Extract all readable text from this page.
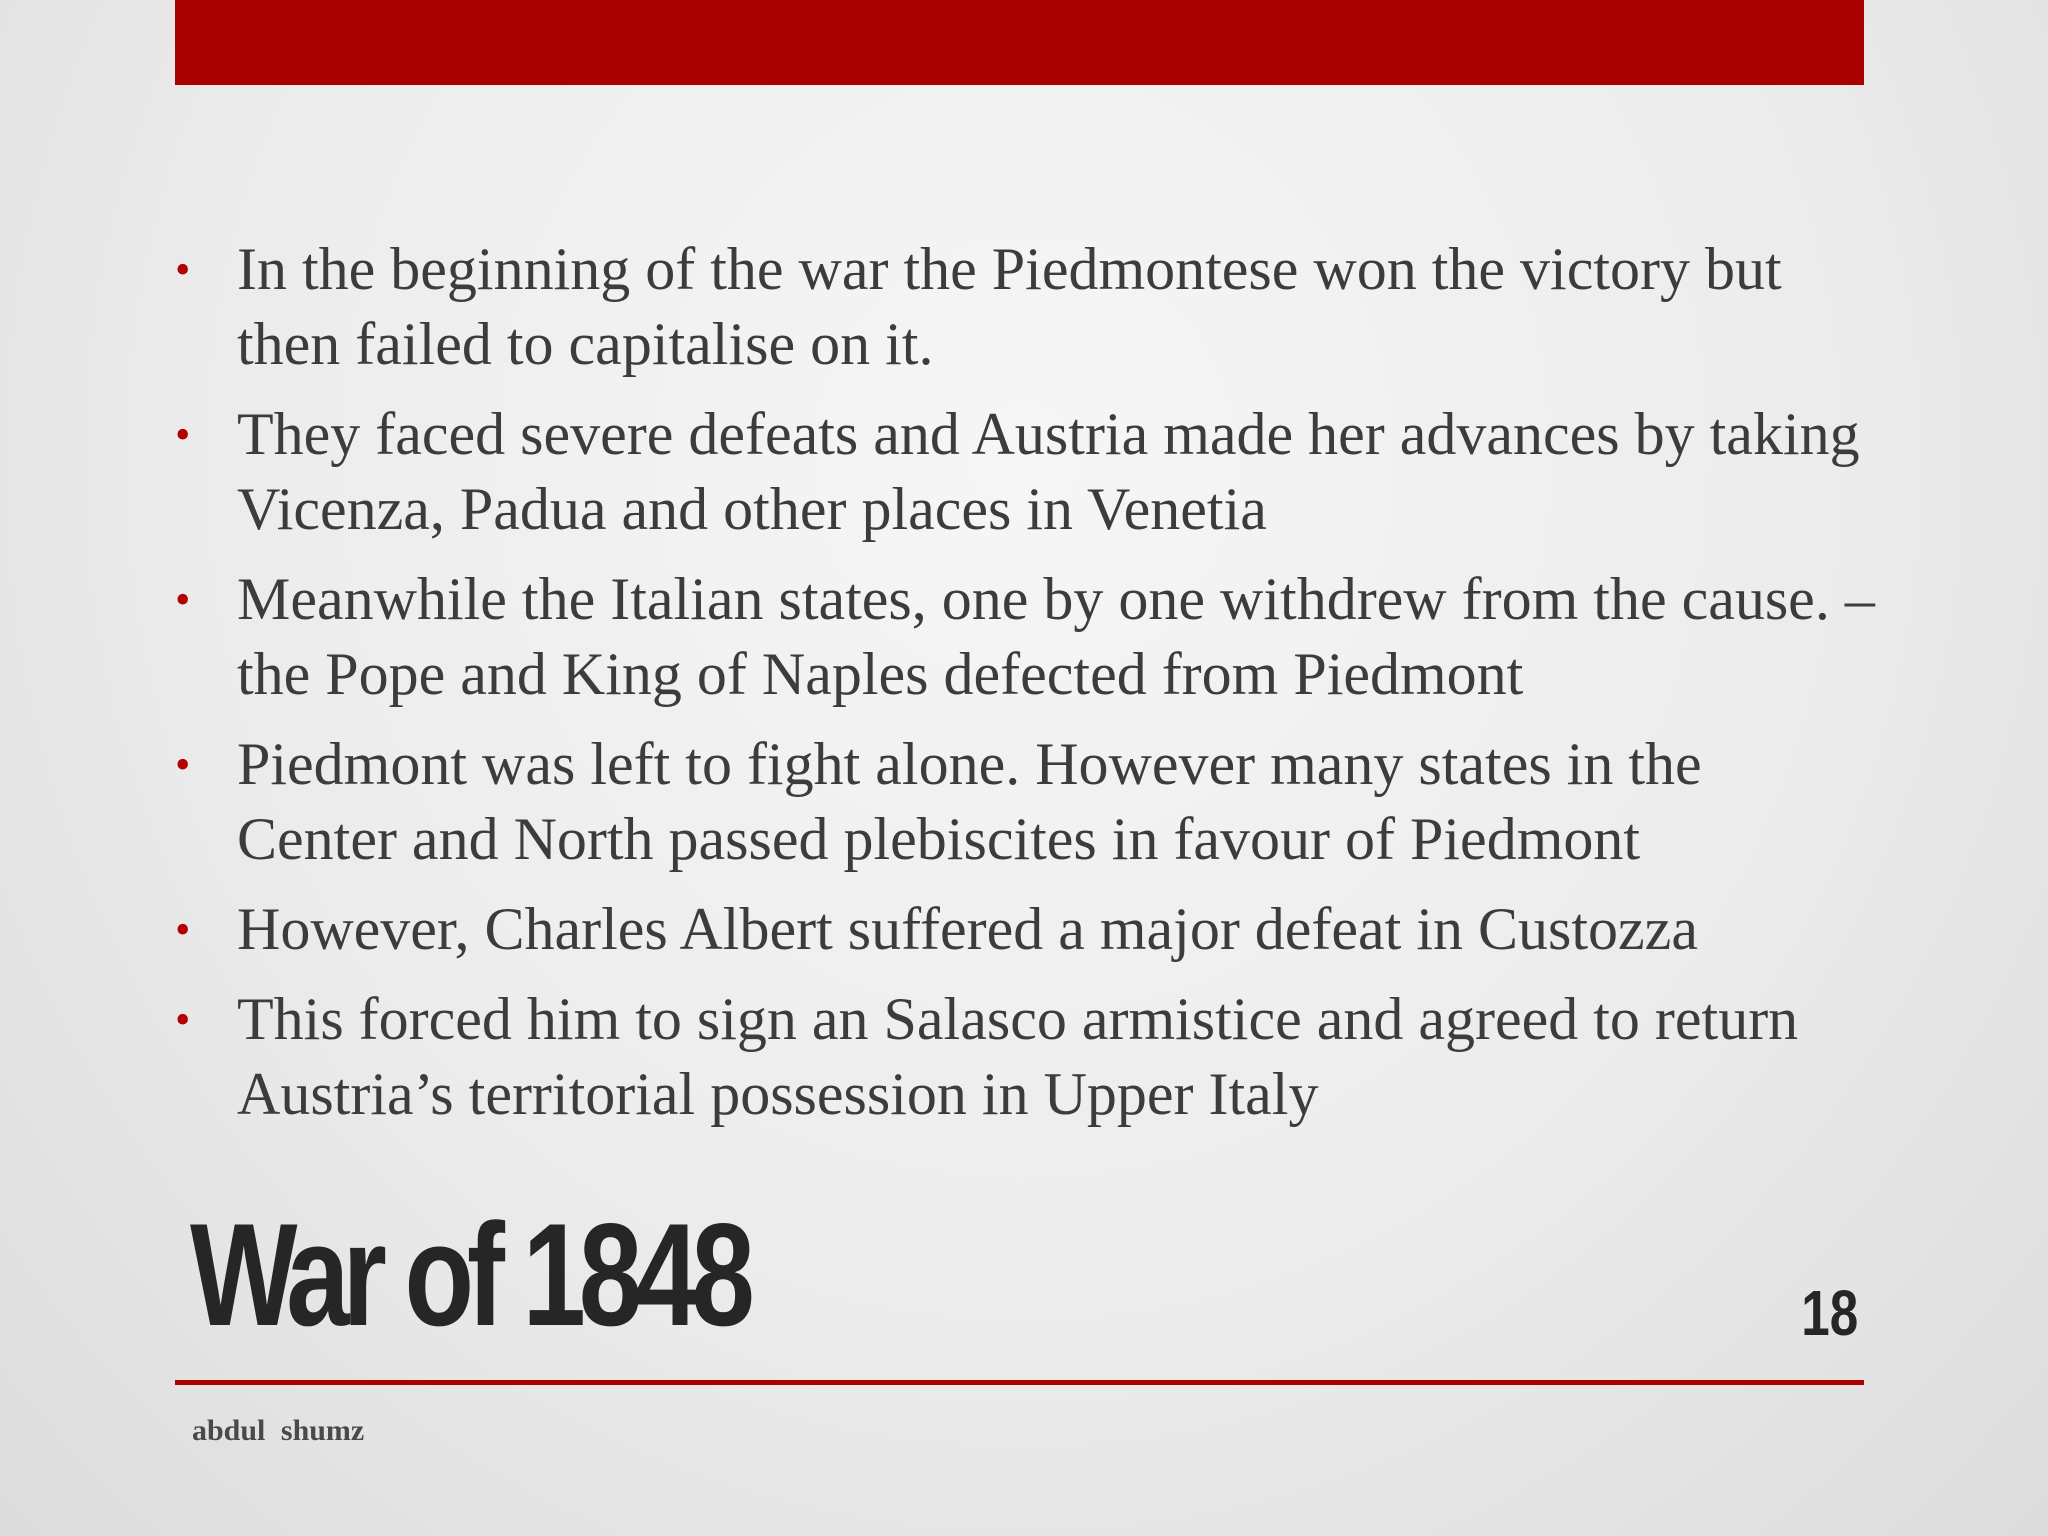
• In the beginning of the war the Piedmontese won the victory but then failed to capitalise on it.
• They faced severe defeats and Austria made her advances by taking Vicenza, Padua and other places in Venetia
• Meanwhile the Italian states, one by one withdrew from the cause. – the Pope and King of Naples defected from Piedmont
• Piedmont was left to fight alone. However many states in the Center and North passed plebiscites in favour of Piedmont
• However, Charles Albert suffered a major defeat in Custozza
• This forced him to sign an Salasco armistice and agreed to return Austria’s territorial possession in Upper Italy
War of 1848	18
abdul shumz
